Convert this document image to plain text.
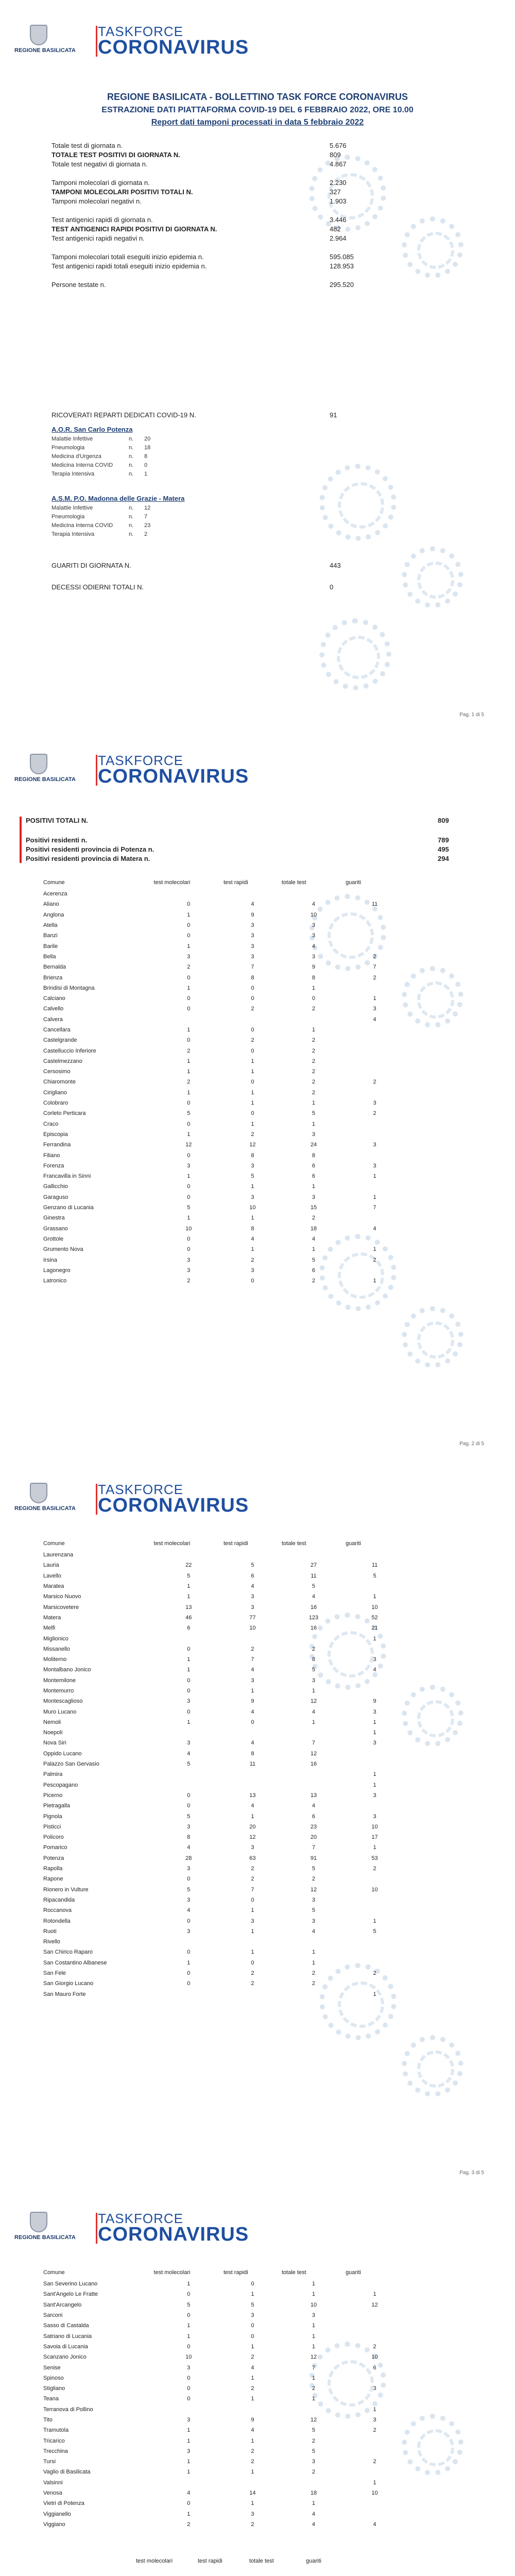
REGIONE BASILICATA
TASKFORCE
CORONAVIRUS
REGIONE BASILICATA - BOLLETTINO TASK FORCE CORONAVIRUS
ESTRAZIONE DATI PIATTAFORMA COVID-19 DEL 6 FEBBRAIO 2022, ORE 10.00
Report dati tamponi processati in data 5 febbraio 2022
Totale test di giornata n.	5.676
TOTALE TEST POSITIVI DI GIORNATA N.	809
Totale test negativi di giornata n.	4.867
Tamponi molecolari di giornata n.	2.230
TAMPONI MOLECOLARI POSITIVI TOTALI N.	327
Tamponi molecolari negativi n.	1.903
Test antigenici rapidi di giornata n.	3.446
TEST ANTIGENICI RAPIDI POSITIVI DI GIORNATA N.	482
Test antigenici rapidi negativi n.	2.964
Tamponi molecolari totali eseguiti inizio epidemia n.	595.085
Test antigenici rapidi totali eseguiti inizio epidemia n.	128.953
Persone testate n.	295.520
RICOVERATI REPARTI DEDICATI COVID-19 N.	91
A.O.R. San Carlo Potenza
Malattie Infettive	n. 20
Pneumologia	n. 18
Medicina d'Urgenza	n. 8
Medicina Interna COVID	n. 0
Terapia Intensiva	n. 1
A.S.M. P.O. Madonna delle Grazie - Matera
Malattie Infettive	n. 12
Pneumologia	n. 7
Medicina Interna COVID	n. 23
Terapia Intensiva	n. 2
GUARITI DI GIORNATA N.	443
DECESSI ODIERNI TOTALI N.	0
Pag. 1 di 5
REGIONE BASILICATA
TASKFORCE
CORONAVIRUS
POSITIVI TOTALI N.	809
Positivi residenti n.	789
Positivi residenti provincia di Potenza n.	495
Positivi residenti provincia di Matera n.	294
Comune	test molecolari	test rapidi	totale test	guariti
Acerenza				
Aliano	0	4	4	11
Anglona	1	9	10	
Atella	0	3	3	
Banzi	0	3	3	
Barile	1	3	4	
Bella	3	3	3	2
Bernalda	2	7	9	7
Brienza	0	8	8	2
Brindisi di Montagna	1	0	1	
Calciano	0	0	0	1
Calvello	0	2	2	3
Calvera				4
Cancellara	1	0	1	
Castelgrande	0	2	2	
Castelluccio Inferiore	2	0	2	
Castelmezzano	1	1	2	
Cersosimo	1	1	2	
Chiaromonte	2	0	2	2
Cirigliano	1	1	2	
Colobraro	0	1	1	3
Corleto Perticara	5	0	5	2
Craco	0	1	1	
Episcopia	1	2	3	
Ferrandina	12	12	24	3
Filiano	0	8	8	
Forenza	3	3	6	3
Francavilla in Sinni	1	5	6	1
Gallicchio	0	1	1	
Garaguso	0	3	3	1
Genzano di Lucania	5	10	15	7
Ginestra	1	1	2	
Grassano	10	8	18	4
Grottole	0	4	4	
Grumento Nova	0	1	1	1
Irsina	3	2	5	2
Lagonegro	3	3	6	
Latronico	2	0	2	1
Pag. 2 di 5
REGIONE BASILICATA
TASKFORCE
CORONAVIRUS
Comune	test molecolari	test rapidi	totale test	guariti
Laurenzana				
Lauria	22	5	27	11
Lavello	5	6	11	5
Maratea	1	4	5	
Marsico Nuovo	1	3	4	1
Marsicovetere	13	3	16	10
Matera	46	77	123	52
Melfi	6	10	16	21
Miglionico				1
Missanello	0	2	2	
Moliterno	1	7	8	3
Montalbano Jonico	1	4	5	4
Montemilone	0	3	3	
Montemurro	0	1	1	
Montescaglioso	3	9	12	9
Muro Lucano	0	4	4	3
Nemoli	1	0	1	1
Noepoli				1
Nova Siri	3	4	7	3
Oppido Lucano	4	8	12	
Palazzo San Gervasio	5	11	16	
Palmira				1
Pescopagano				1
Picerno	0	13	13	3
Pietragalla	0	4	4	
Pignola	5	1	6	3
Pisticci	3	20	23	10
Policoro	8	12	20	17
Pomarico	4	3	7	1
Potenza	28	63	91	53
Rapolla	3	2	5	2
Rapone	0	2	2	
Rionero in Vulture	5	7	12	10
Ripacandida	3	0	3	
Roccanova	4	1	5	
Rotondella	0	3	3	1
Ruoti	3	1	4	5
Rivello				
San Chirico Raparo	0	1	1	
San Costantino Albanese	1	0	1	
San Fele	0	2	2	2
San Giorgio Lucano	0	2	2	
San Mauro Forte				1
Pag. 3 di 5
REGIONE BASILICATA
TASKFORCE
CORONAVIRUS
Comune	test molecolari	test rapidi	totale test	guariti
San Severino Lucano	1	0	1	
Sant'Angelo Le Fratte	0	1	1	1
Sant'Arcangelo	5	5	10	12
Sarconi	0	3	3	
Sasso di Castalda	1	0	1	
Satriano di Lucania	1	0	1	
Savoia di Lucania	0	1	1	2
Scanzano Jonico	10	2	12	10
Senise	3	4	7	6
Spinoso	0	1	1	
Stigliano	0	2	2	3
Teana	0	1	1	
Terranova di Pollino				1
Tito	3	9	12	3
Tramutola	1	4	5	2
Tricarico	1	1	2	
Trecchina	3	2	5	
Tursi	1	2	3	2
Vaglio di Basilicata	1	1	2	
Valsinni				1
Venosa	4	14	18	10
Vietri di Potenza	0	1	1	
Viggianello	1	3	4	
Viggiano	2	2	4	4
test molecolari	test rapidi	totale test	guariti
